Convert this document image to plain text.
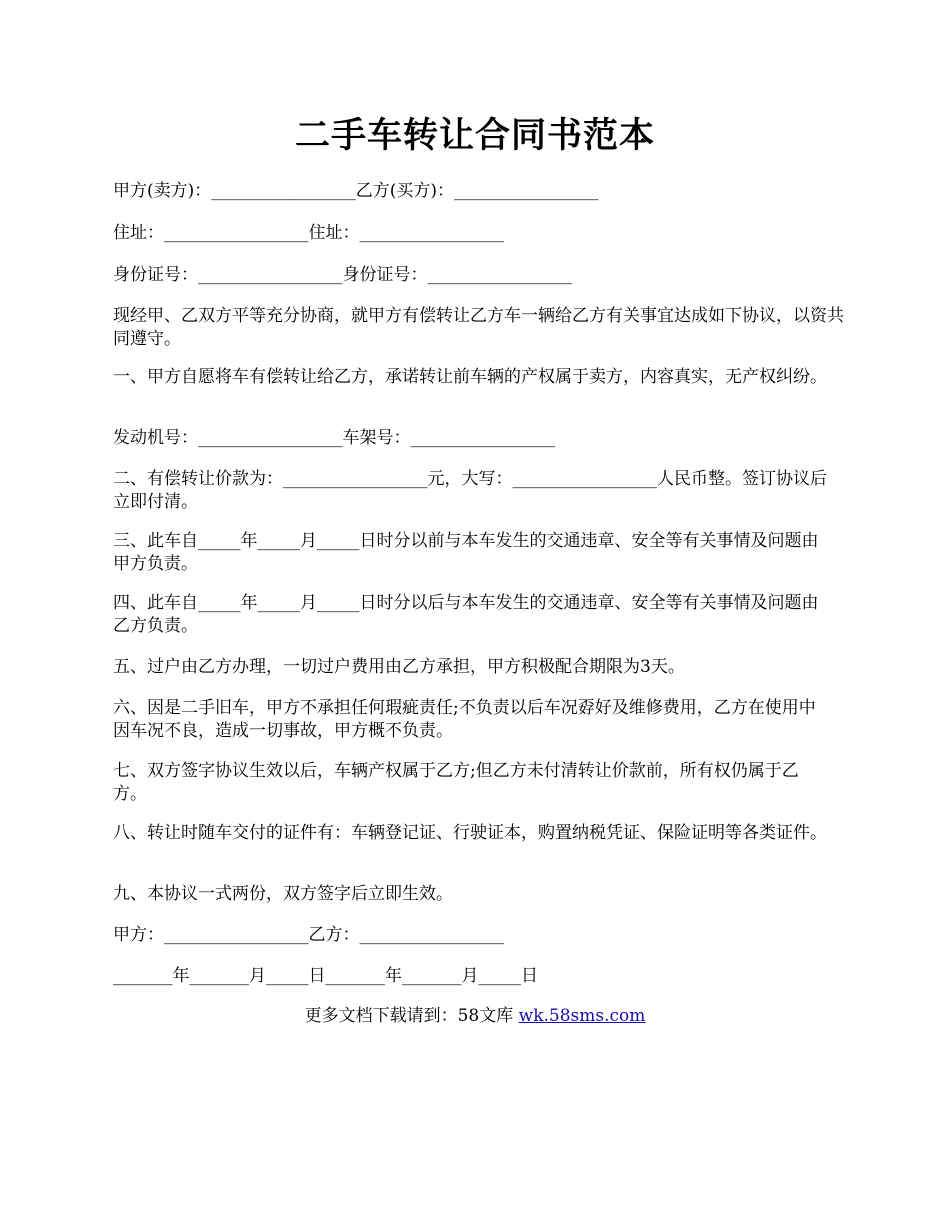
二手车转让合同书范本

甲方(卖方)：_________________乙方(买方)：_________________

住址：_________________住址：_________________

身份证号：_________________身份证号：_________________

现经甲、乙双方平等充分协商，就甲方有偿转让乙方车一辆给乙方有关事宜达成如下协议，以资共同遵守。

一、甲方自愿将车有偿转让给乙方，承诺转让前车辆的产权属于卖方，内容真实，无产权纠纷。

发动机号：_________________车架号：_________________

二、有偿转让价款为：_________________元，大写：_________________人民币整。签订协议后立即付清。

三、此车自_____年_____月_____日时分以前与本车发生的交通违章、安全等有关事情及问题由甲方负责。

四、此车自_____年_____月_____日时分以后与本车发生的交通违章、安全等有关事情及问题由乙方负责。

五、过户由乙方办理，一切过户费用由乙方承担，甲方积极配合期限为3天。

六、因是二手旧车，甲方不承担任何瑕疵责任;不负责以后车况孬好及维修费用，乙方在使用中因车况不良，造成一切事故，甲方概不负责。

七、双方签字协议生效以后，车辆产权属于乙方;但乙方未付清转让价款前，所有权仍属于乙方。

八、转让时随车交付的证件有：车辆登记证、行驶证本，购置纳税凭证、保险证明等各类证件。

九、本协议一式两份，双方签字后立即生效。

甲方：_________________乙方：_________________

_______年_______月_____日_______年_______月_____日

更多文档下载请到：58文库 wk.58sms.com
